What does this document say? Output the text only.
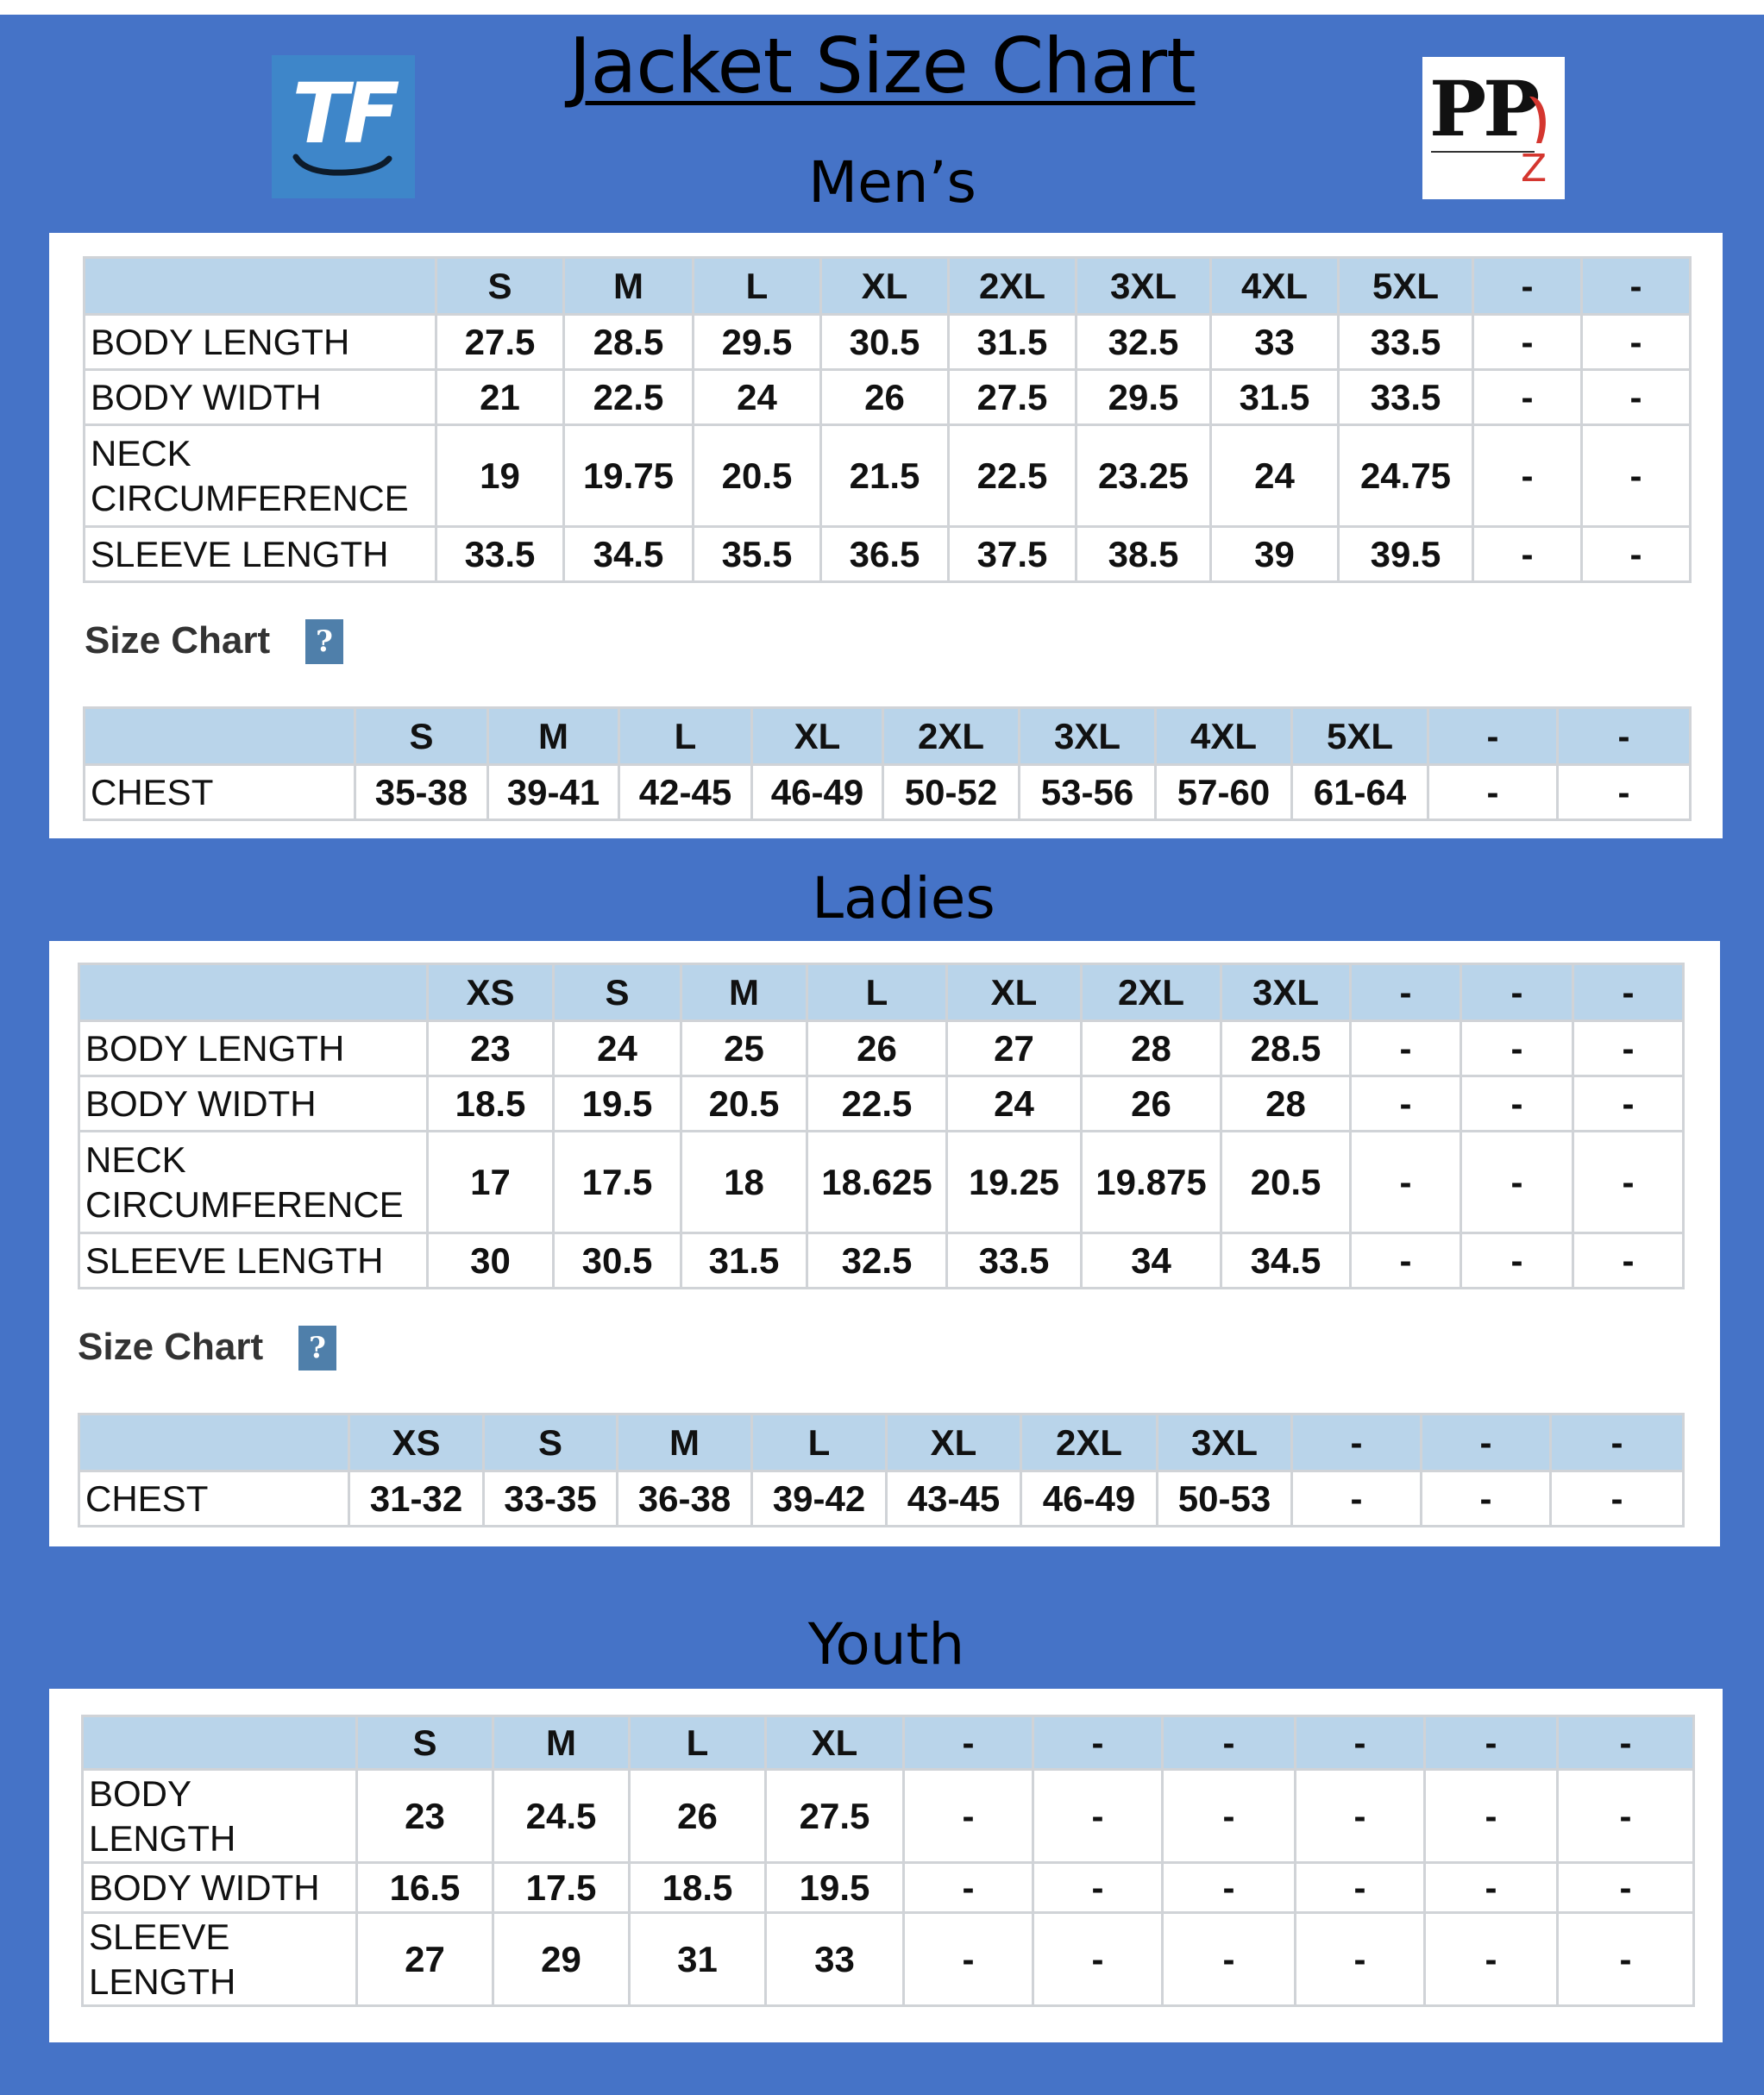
TF	PP
Z
Jacket Size Chart
Men’s
	S	M	L	XL	2XL	3XL	4XL	5XL	-	-
BODY LENGTH	27.5	28.5	29.5	30.5	31.5	32.5	33	33.5	-	-
BODY WIDTH	21	22.5	24	26	27.5	29.5	31.5	33.5	-	-
NECK
CIRCUMFERENCE	19	19.75	20.5	21.5	22.5	23.25	24	24.75	-	-
SLEEVE LENGTH	33.5	34.5	35.5	36.5	37.5	38.5	39	39.5	-	-
Size Chart	?
	S	M	L	XL	2XL	3XL	4XL	5XL	-	-
CHEST	35-38	39-41	42-45	46-49	50-52	53-56	57-60	61-64	-	-
Ladies
	XS	S	M	L	XL	2XL	3XL	-	-	-
BODY LENGTH	23	24	25	26	27	28	28.5	-	-	-
BODY WIDTH	18.5	19.5	20.5	22.5	24	26	28	-	-	-
NECK
CIRCUMFERENCE	17	17.5	18	18.625	19.25	19.875	20.5	-	-	-
SLEEVE LENGTH	30	30.5	31.5	32.5	33.5	34	34.5	-	-	-
Size Chart	?
	XS	S	M	L	XL	2XL	3XL	-	-	-
CHEST	31-32	33-35	36-38	39-42	43-45	46-49	50-53	-	-	-
Youth
	S	M	L	XL	-	-	-	-	-	-
BODY
LENGTH	23	24.5	26	27.5	-	-	-	-	-	-
BODY WIDTH	16.5	17.5	18.5	19.5	-	-	-	-	-	-
SLEEVE
LENGTH	27	29	31	33	-	-	-	-	-	-
